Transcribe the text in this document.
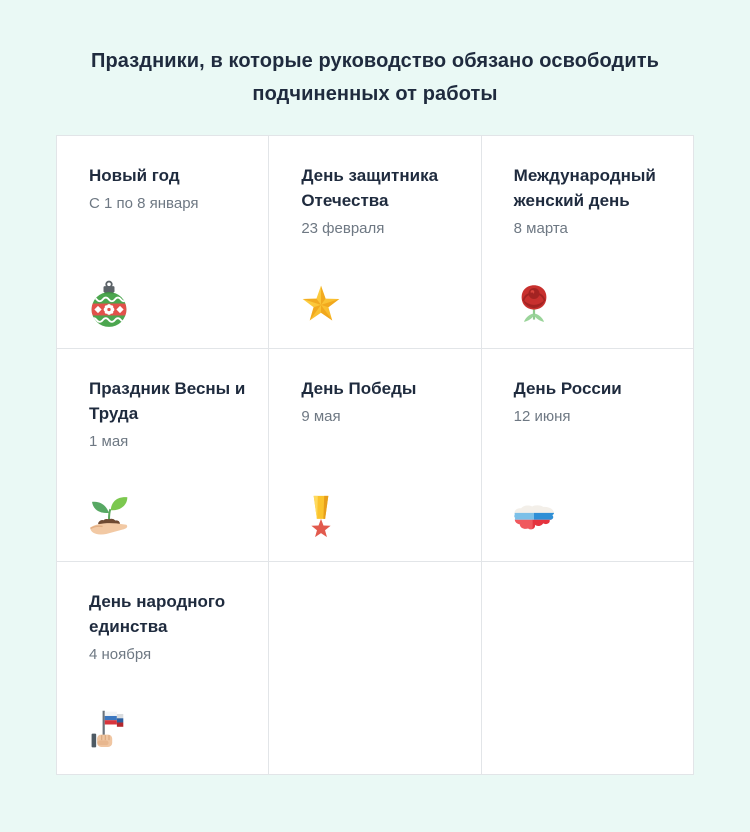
Праздники, в которые руководство обязано освободить подчиненных от работы
Новый год
С 1 по 8 января
День защитника Отечества
23 февраля
Международный женский день
8 марта
Праздник Весны и Труда
1 мая
День Победы
9 мая
День России
12 июня
День народного единства
4 ноября
